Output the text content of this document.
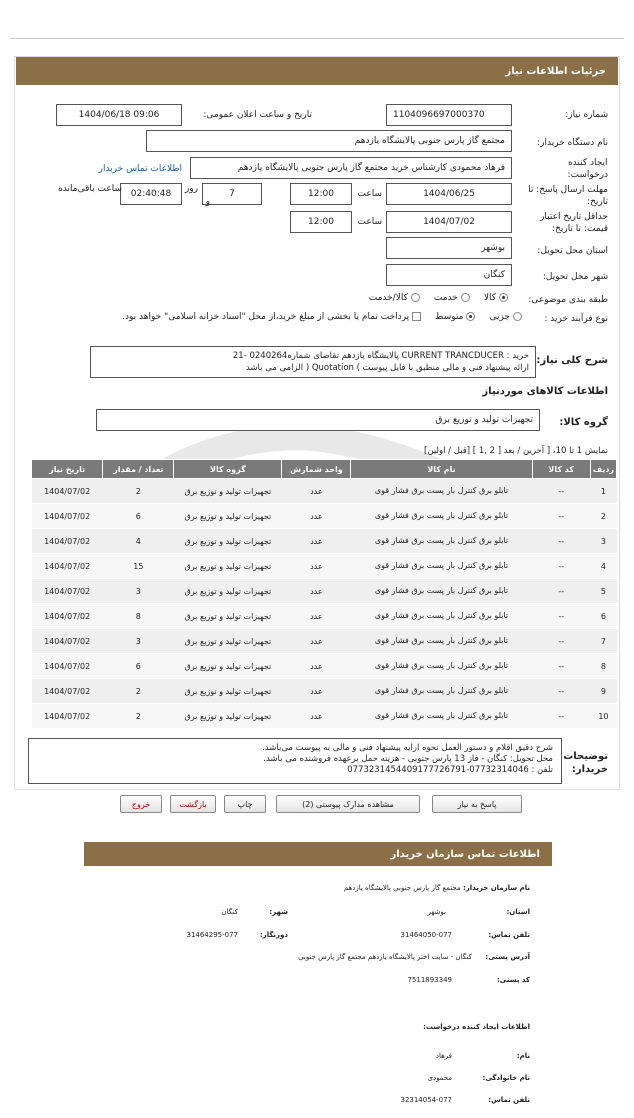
جزئیات اطلاعات نیاز
شماره نیاز:
1104096697000370
تاریخ و ساعت اعلان عمومی:
1404/06/18 09:06
نام دستگاه خریدار:
مجتمع گاز پارس جنوبی پالایشگاه یازدهم
ایجاد کننده
درخواست:
فرهاد محمودی کارشناس خرید مجتمع گاز پارس جنوبی پالایشگاه یازدهم
اطلاعات تماس خریدار
مهلت ارسال پاسخ: تا
تاریخ:
1404/06/25
ساعت
12:00
7
روز
و
02:40:48
ساعت باقی‌مانده
حداقل تاریخ اعتبار
قیمت: تا تاریخ:
1404/07/02
ساعت
12:00
استان محل تحویل:
بوشهر
شهر محل تحویل:
کنگان
طبقه بندی موضوعی:
کالا
خدمت
کالا/خدمت
نوع فرآیند خرید :
جزیی
متوسط
پرداخت تمام یا بخشی از مبلغ خرید،از محل "اسناد خزانه اسلامی" خواهد بود.
شرح کلی نیاز:
خرید : CURRENT TRANCDUCER پالایشگاه یازدهم تقاضای شماره0240264 -21
ارائه پیشنهاد فنی و مالی منطبق با فایل پیوست ) Quotation ( الزامی می باشد
اطلاعات کالاهای موردنیاز
گروه کالا:
تجهیزات تولید و توزیع برق
نمایش 1 تا 10، [ آخرین / بعد [ 2 ,1 ] [قبل / اولین]
ردیف	کد کالا	نام کالا	واحد شمارش	گروه کالا	تعداد / مقدار	تاریخ نیاز
1	--	تابلو برق کنترل بار پست برق فشار قوی	عدد	تجهیزات تولید و توزیع برق	2	1404/07/02
2	--	تابلو برق کنترل بار پست برق فشار قوی	عدد	تجهیزات تولید و توزیع برق	6	1404/07/02
3	--	تابلو برق کنترل بار پست برق فشار قوی	عدد	تجهیزات تولید و توزیع برق	4	1404/07/02
4	--	تابلو برق کنترل بار پست برق فشار قوی	عدد	تجهیزات تولید و توزیع برق	15	1404/07/02
5	--	تابلو برق کنترل بار پست برق فشار قوی	عدد	تجهیزات تولید و توزیع برق	3	1404/07/02
6	--	تابلو برق کنترل بار پست برق فشار قوی	عدد	تجهیزات تولید و توزیع برق	8	1404/07/02
7	--	تابلو برق کنترل بار پست برق فشار قوی	عدد	تجهیزات تولید و توزیع برق	3	1404/07/02
8	--	تابلو برق کنترل بار پست برق فشار قوی	عدد	تجهیزات تولید و توزیع برق	6	1404/07/02
9	--	تابلو برق کنترل بار پست برق فشار قوی	عدد	تجهیزات تولید و توزیع برق	2	1404/07/02
10	--	تابلو برق کنترل بار پست برق فشار قوی	عدد	تجهیزات تولید و توزیع برق	2	1404/07/02
توضیحات
خریدار:
شرح دقیق اقلام و دستور العمل نحوه ارایه پیشنهاد فنی و مالی به پیوست می‌باشد.
محل تحویل: کنگان - فاز 13 پارس جنوبی - هزینه حمل برعهده فروشنده می باشد.
تلفن : 07732314046-07732314544091777267‌91
پاسخ به نیاز
مشاهده مدارک پیوستی (2)
چاپ
بازگشت
خروج
اطلاعات تماس سازمان خریدار
نام سازمان خریدار: مجتمع گاز پارس جنوبی پالایشگاه یازدهم
استان:
بوشهر
شهر:
کنگان
تلفن تماس:
31464050-077
دورنگار:
31464295-077
آدرس پستی:
کنگان - سایت اختر پالایشگاه یازدهم مجتمع گاز پارس جنوبی
کد پستی:
7511893349
اطلاعات ایجاد کننده درخواست:
نام:
فرهاد
نام خانوادگی:
محمودی
تلفن تماس:
32314054-077
